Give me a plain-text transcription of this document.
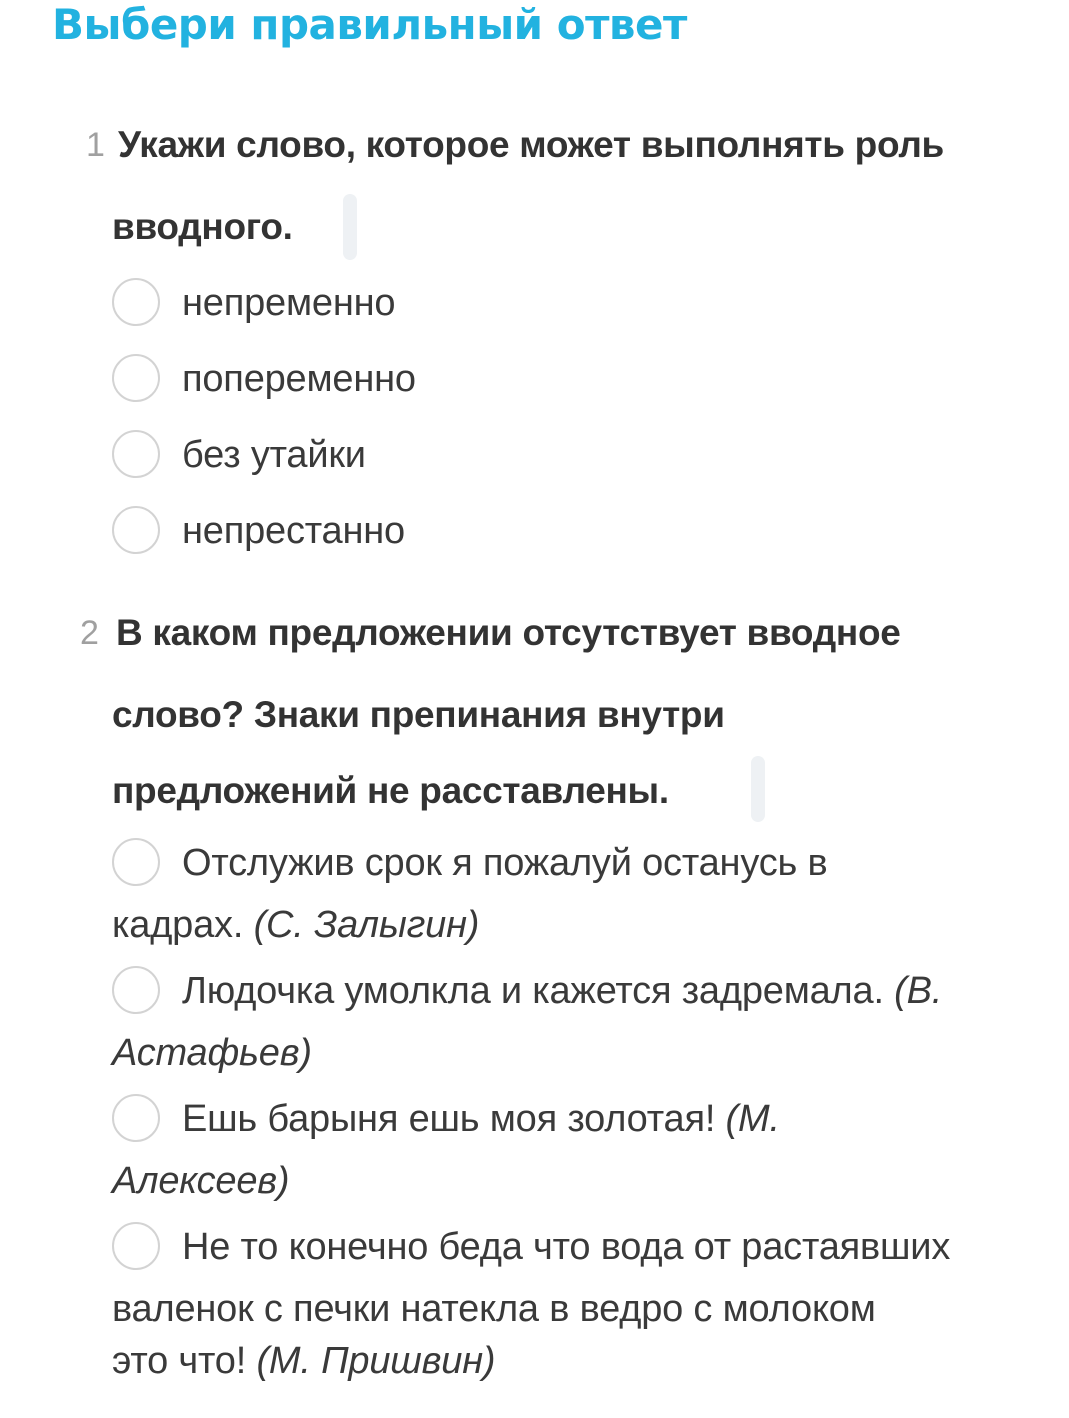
Выбери правильный ответ
1 Укажи слово, которое может выполнять роль
вводного.
непременно
попеременно
без утайки
непрестанно
2 В каком предложении отсутствует вводное
слово? Знаки препинания внутри
предложений не расставлены.
Отслужив срок я пожалуй останусь в
кадрах. (С. Залыгин)
Людочка умолкла и кажется задремала. (В.
Астафьев)
Ешь барыня ешь моя золотая! (М.
Алексеев)
Не то конечно беда что вода от растаявших
валенок с печки натекла в ведро с молоком
это что! (М. Пришвин)
